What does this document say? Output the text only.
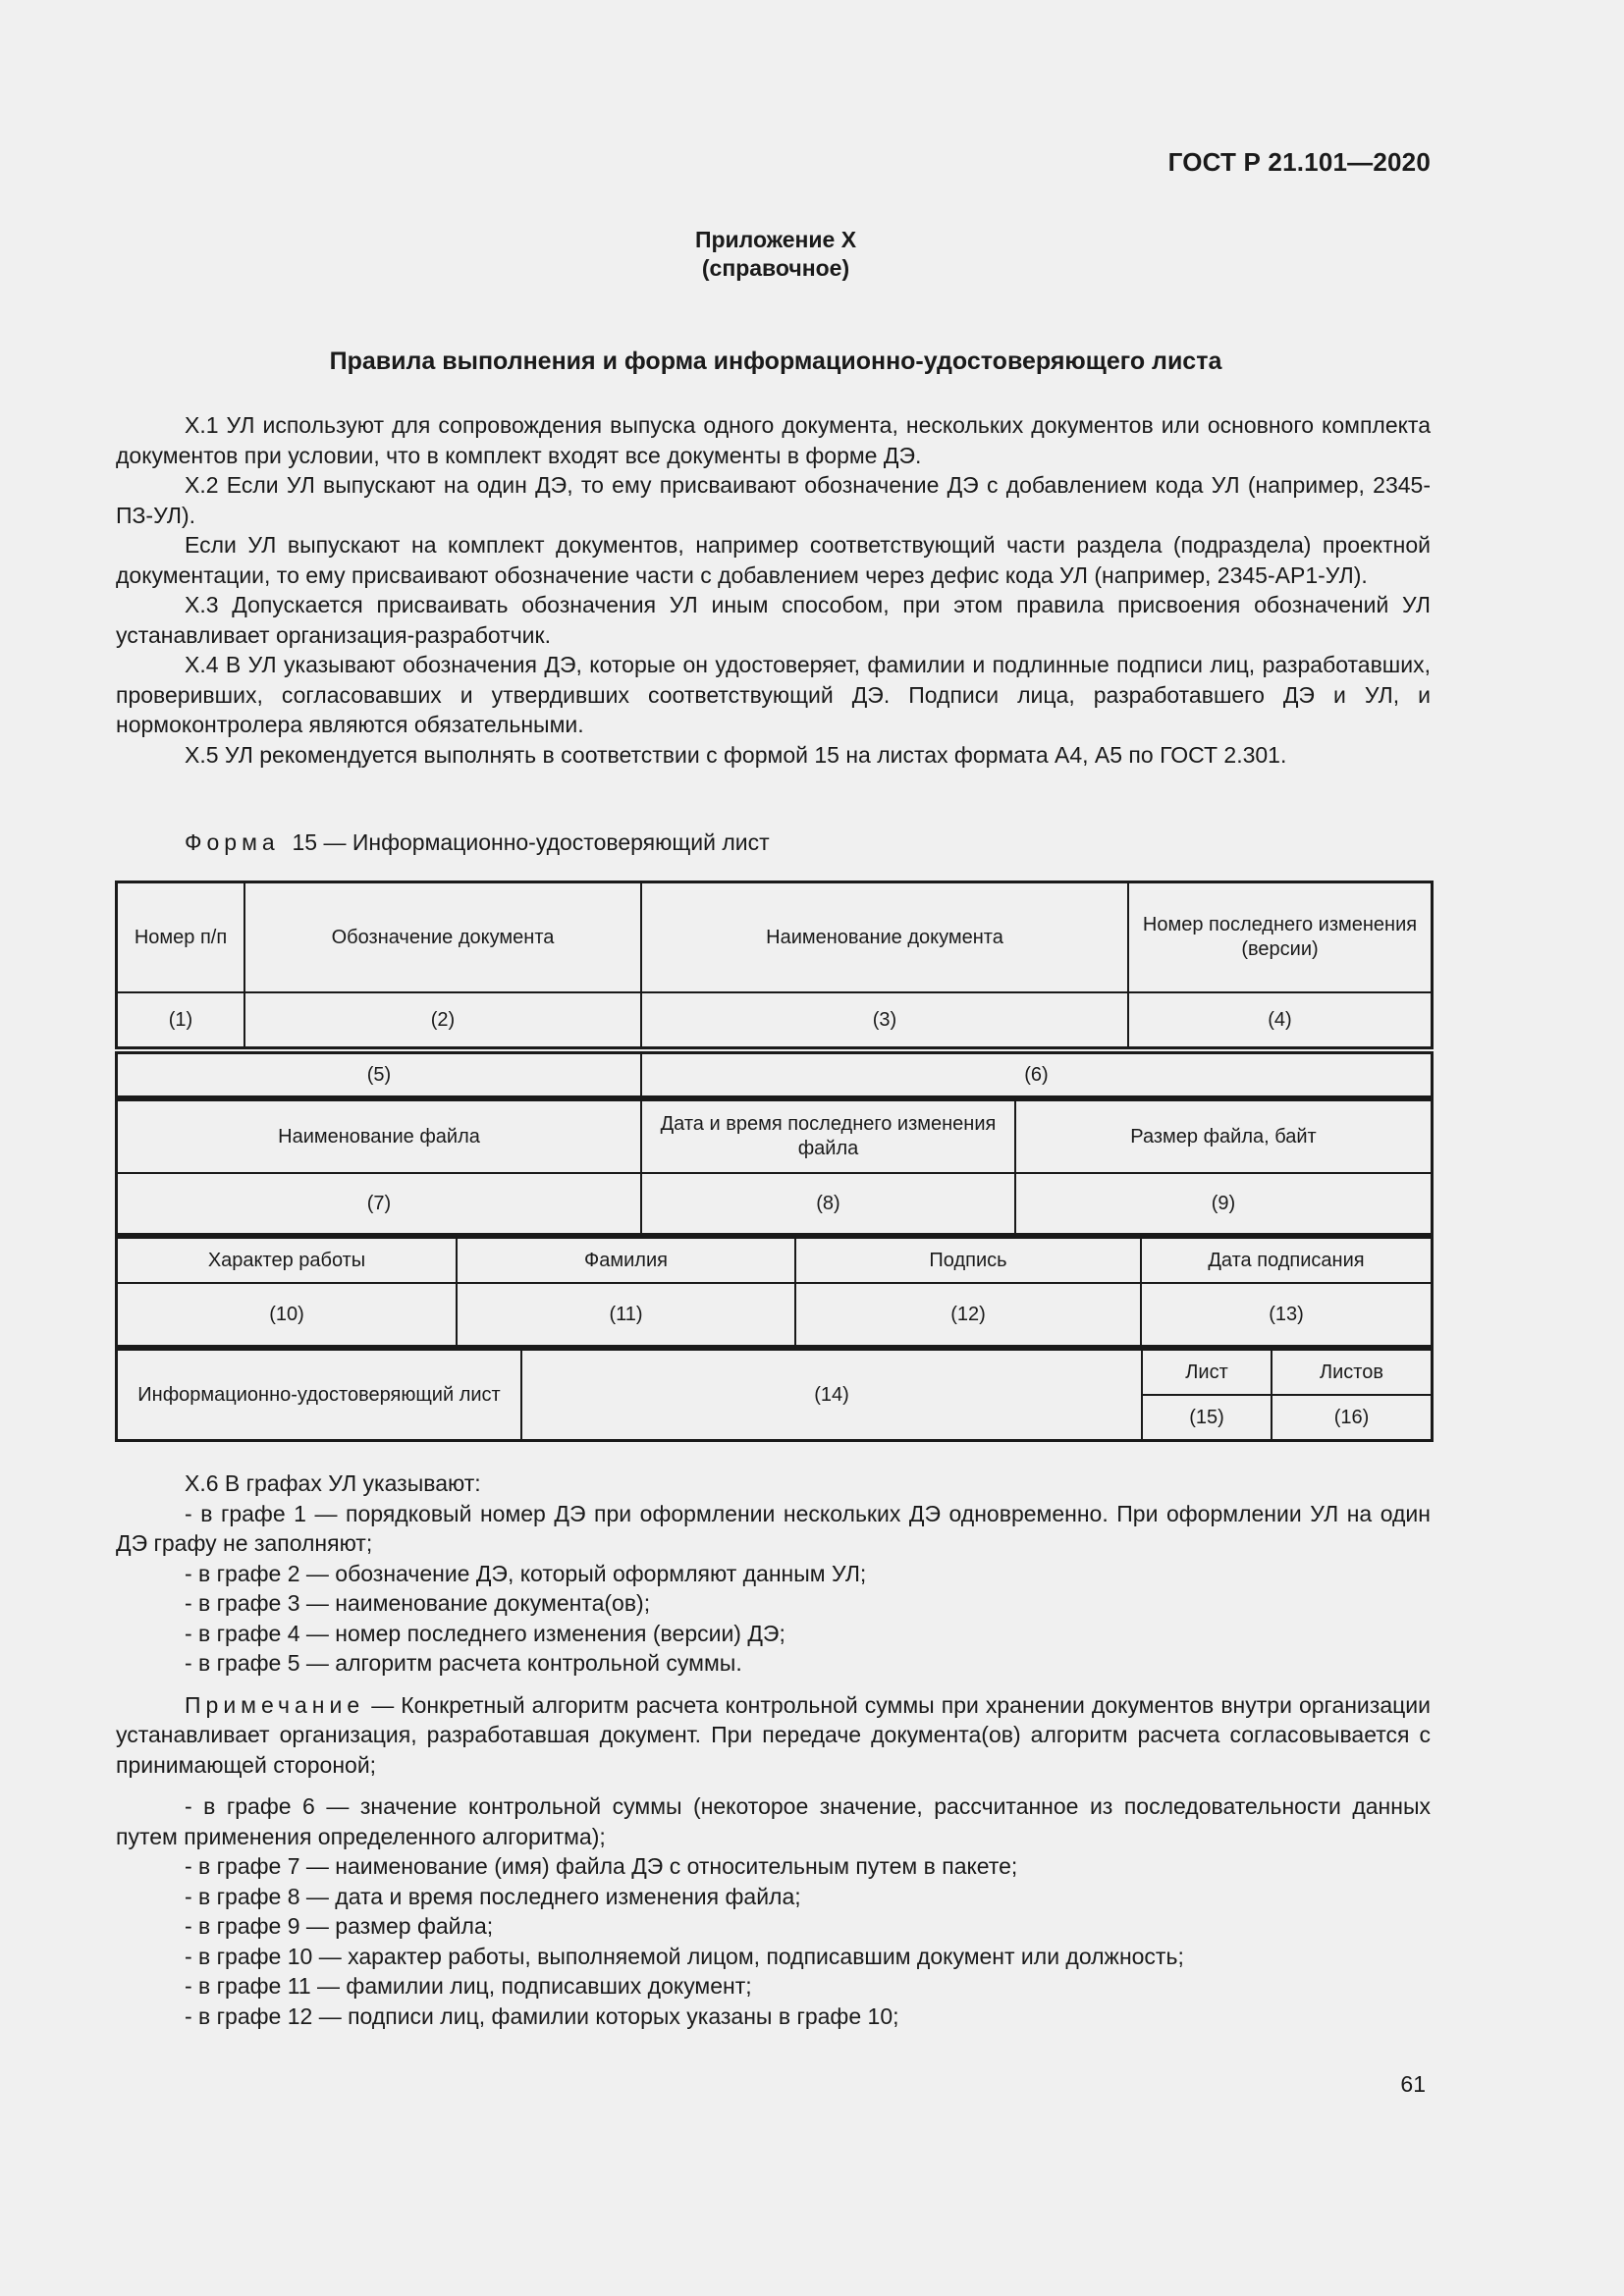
ГОСТ Р 21.101—2020
Приложение Х
(справочное)
Правила выполнения и форма информационно-удостоверяющего листа

Х.1 УЛ используют для сопровождения выпуска одного документа, нескольких документов или основного комплекта документов при условии, что в комплект входят все документы в форме ДЭ.

Х.2 Если УЛ выпускают на один ДЭ, то ему присваивают обозначение ДЭ с добавлением кода УЛ (например, 2345-ПЗ-УЛ).

Если УЛ выпускают на комплект документов, например соответствующий части раздела (подраздела) проектной документации, то ему присваивают обозначение части с добавлением через дефис кода УЛ (например, 2345-АР1-УЛ).

Х.3 Допускается присваивать обозначения УЛ иным способом, при этом правила присвоения обозначений УЛ устанавливает организация-разработчик.

Х.4 В УЛ указывают обозначения ДЭ, которые он удостоверяет, фамилии и подлинные подписи лиц, разработавших, проверивших, согласовавших и утвердивших соответствующий ДЭ. Подписи лица, разработавшего ДЭ и УЛ, и нормоконтролера являются обязательными.

Х.5 УЛ рекомендуется выполнять в соответствии с формой 15 на листах формата А4, А5 по ГОСТ 2.301.

Форма 15 — Информационно-удостоверяющий лист
Номер п/п	Обозначение документа	Наименование документа	Номер последнего изменения (версии)
(1)	(2)	(3)	(4)
(5)	(6)
Наименование файла	Дата и время последнего изменения файла	Размер файла, байт
(7)	(8)	(9)
Характер работы	Фамилия	Подпись	Дата подписания
(10)	(11)	(12)	(13)
Информационно-удостоверяющий лист	(14)	Лист	Листов
		(15)	(16)

Х.6 В графах УЛ указывают:

- в графе 1 — порядковый номер ДЭ при оформлении нескольких ДЭ одновременно. При оформлении УЛ на один ДЭ графу не заполняют;

- в графе 2 — обозначение ДЭ, который оформляют данным УЛ;

- в графе 3 — наименование документа(ов);

- в графе 4 — номер последнего изменения (версии) ДЭ;

- в графе 5 — алгоритм расчета контрольной суммы.

Примечание — Конкретный алгоритм расчета контрольной суммы при хранении документов внутри организации устанавливает организация, разработавшая документ. При передаче документа(ов) алгоритм расчета согласовывается с принимающей стороной;

- в графе 6 — значение контрольной суммы (некоторое значение, рассчитанное из последовательности данных путем применения определенного алгоритма);

- в графе 7 — наименование (имя) файла ДЭ с относительным путем в пакете;

- в графе 8 — дата и время последнего изменения файла;

- в графе 9 — размер файла;

- в графе 10 — характер работы, выполняемой лицом, подписавшим документ или должность;

- в графе 11 — фамилии лиц, подписавших документ;

- в графе 12 — подписи лиц, фамилии которых указаны в графе 10;

61
